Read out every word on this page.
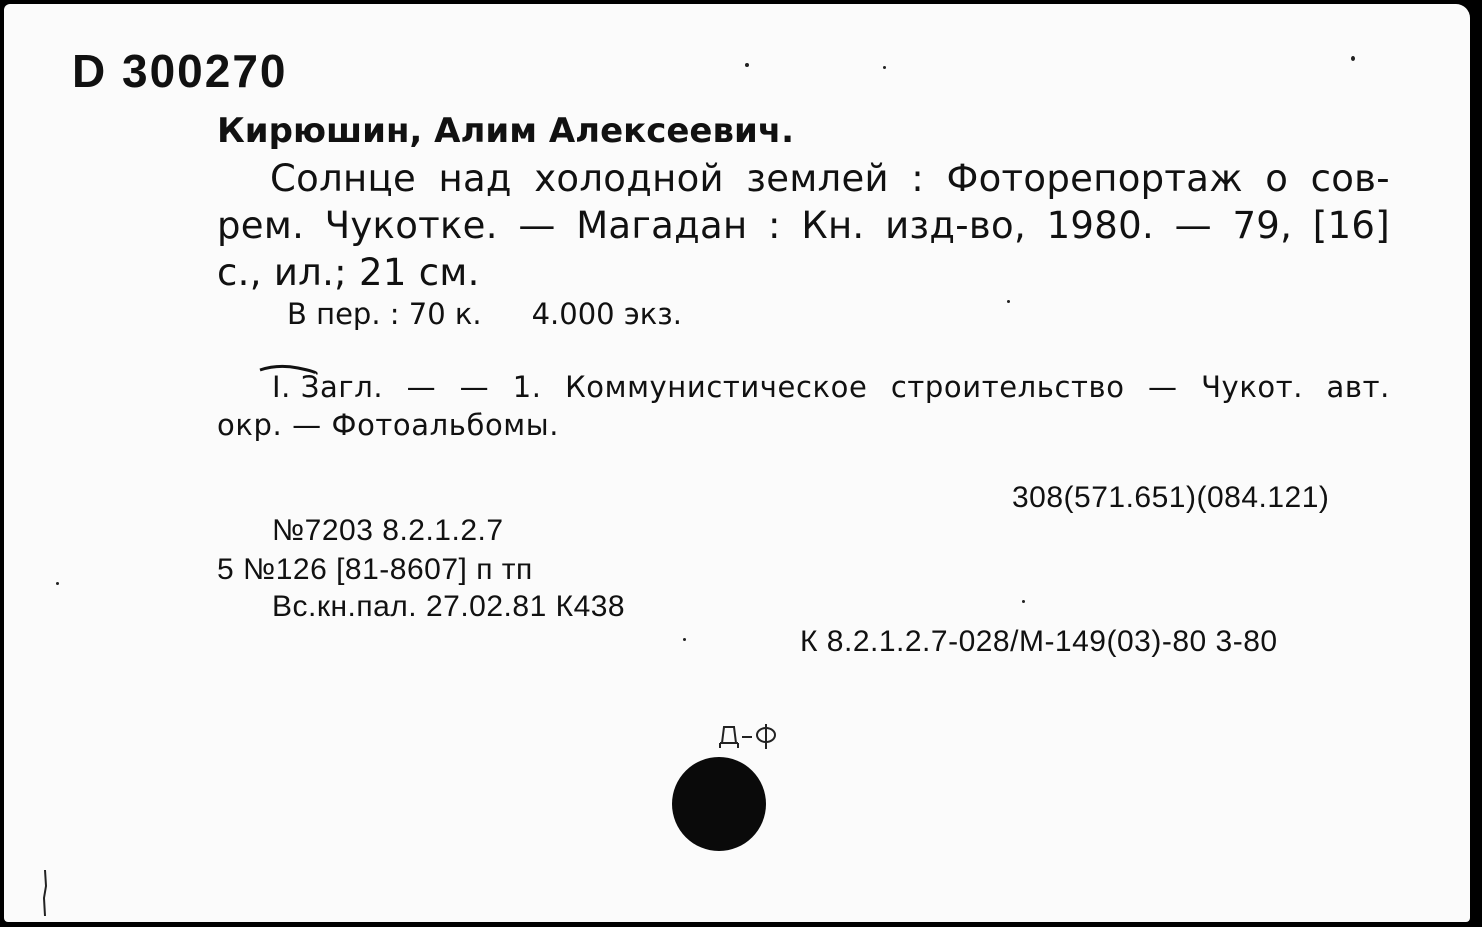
D 300270
Кирюшин, Алим Алексеевич.
Солнце над холодной землей : Фоторепортаж о сов-
рем. Чукотке. — Магадан : Кн. изд-во, 1980. — 79, [16]
с., ил.; 21 см.
В пер. : 70 к. 4.000 экз.
I. Загл. — — 1. Коммунистическое строительство — Чукот. авт.
окр. — Фотоальбомы.
308(571.651)(084.121)
№7203 8.2.1.2.7
5 №126 [81-8607] п тп
Вс.кн.пал. 27.02.81 К438
К 8.2.1.2.7-028/М-149(03)-80 3-80
